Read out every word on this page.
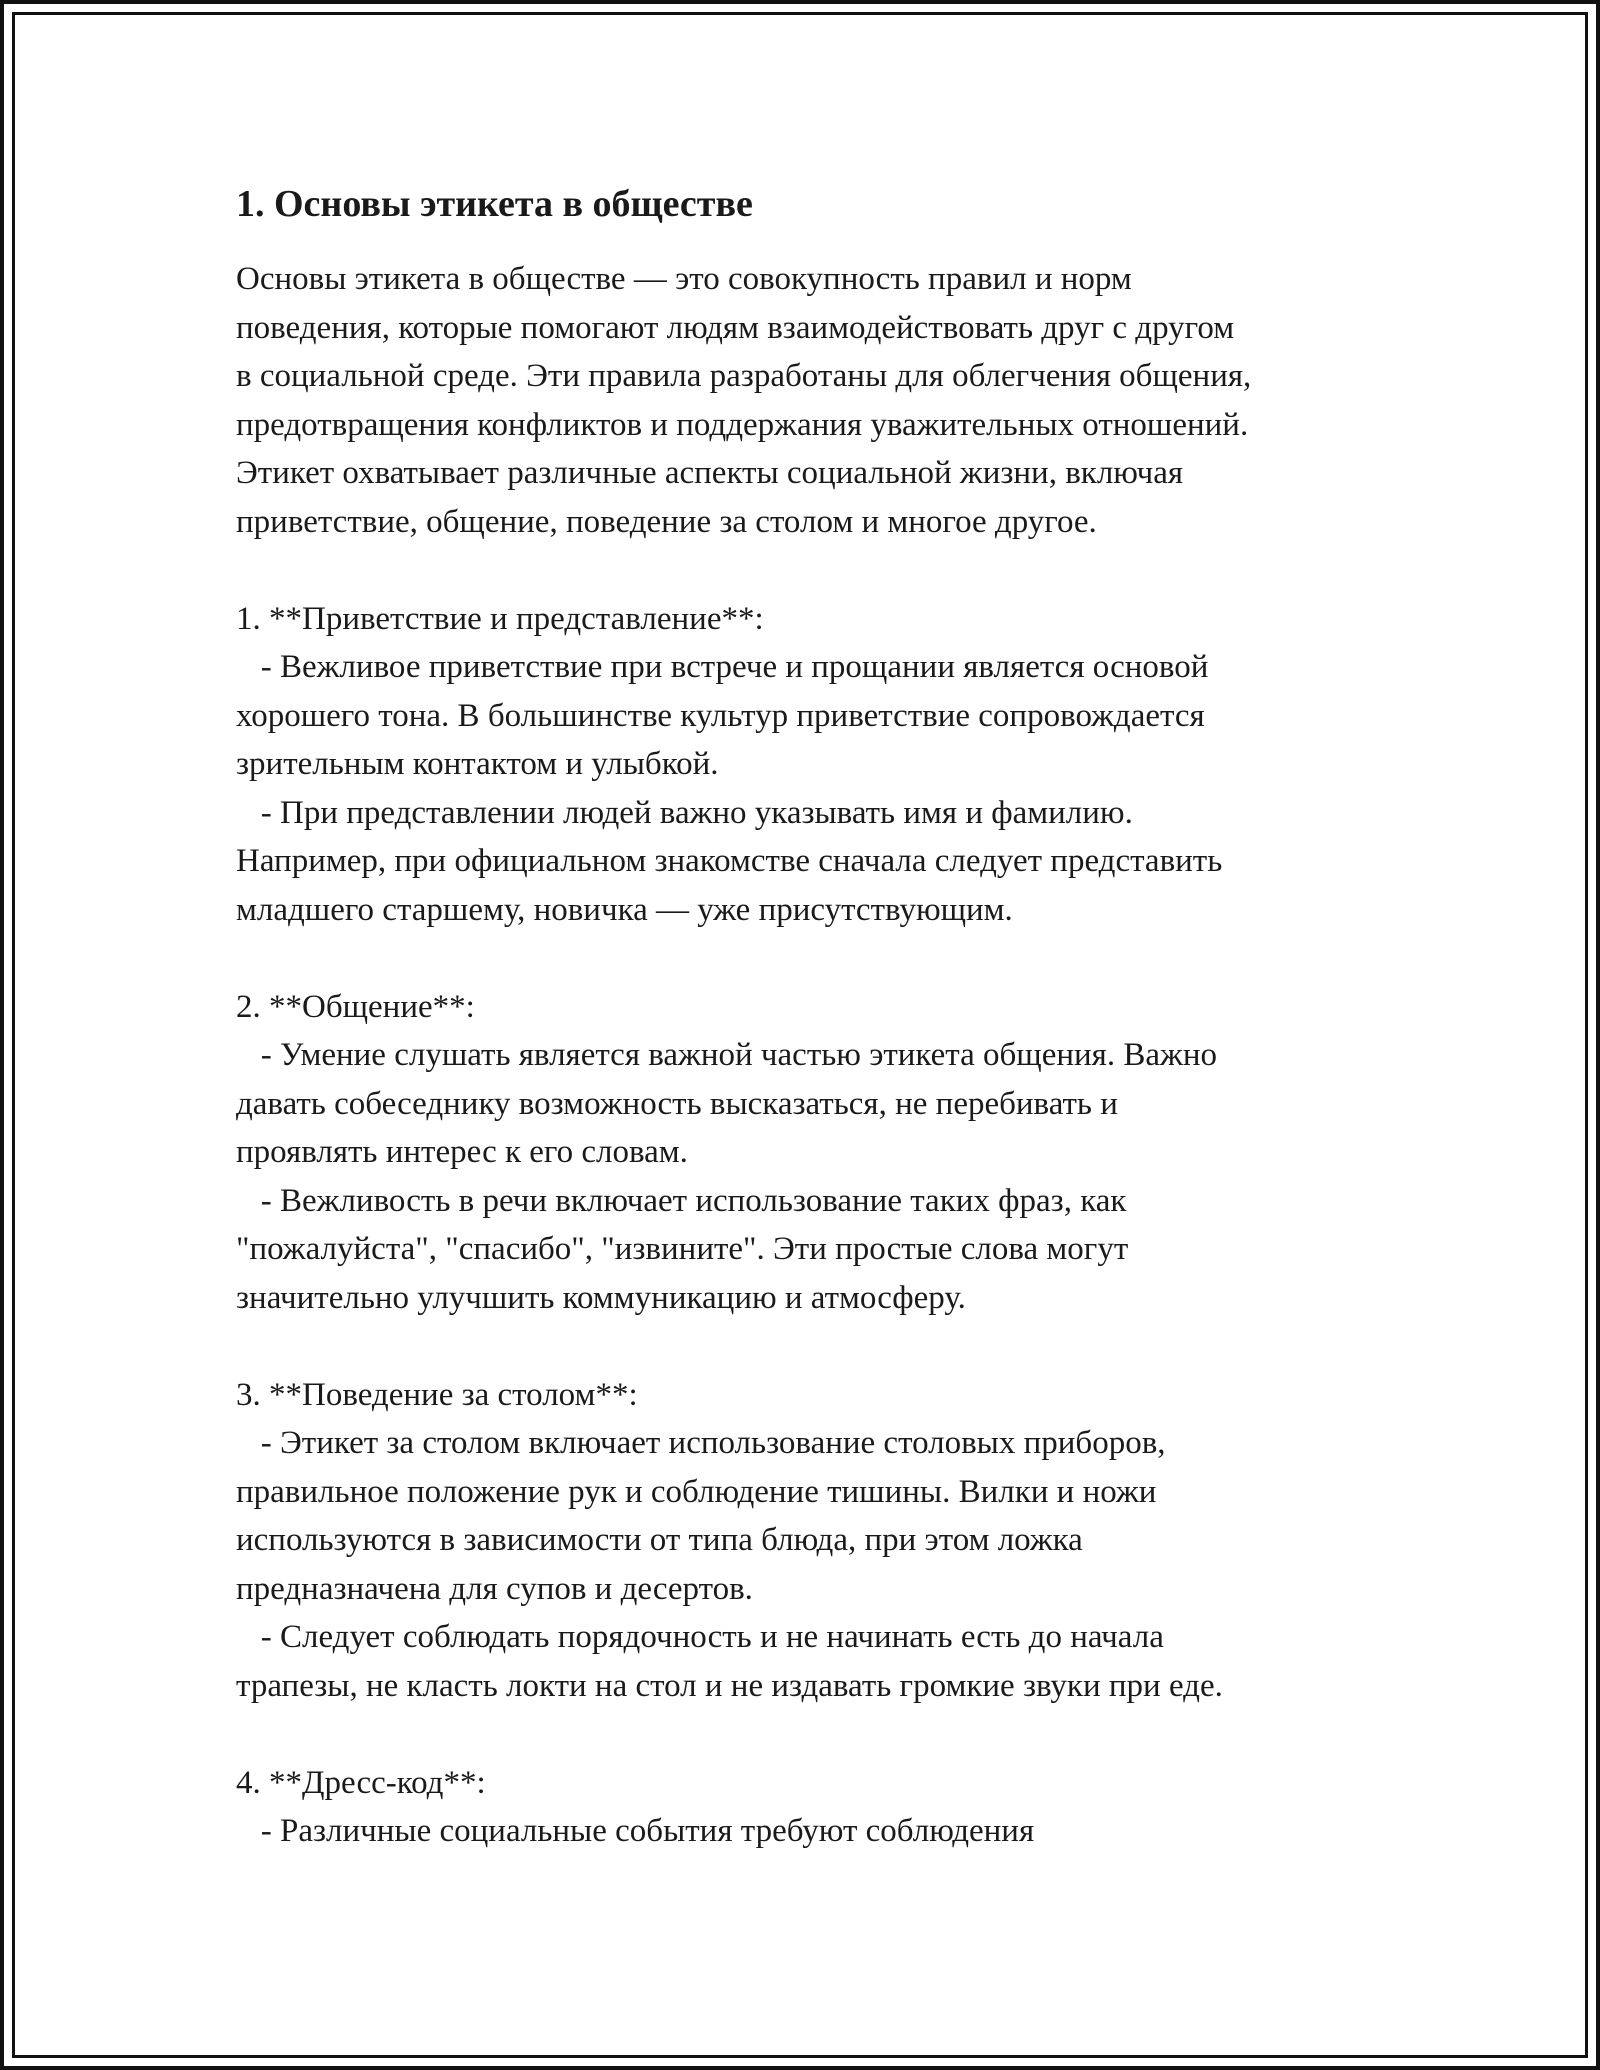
1. Основы этикета в обществе

Основы этикета в обществе — это совокупность правил и норм
поведения, которые помогают людям взаимодействовать друг с другом
в социальной среде. Эти правила разработаны для облегчения общения,
предотвращения конфликтов и поддержания уважительных отношений.
Этикет охватывает различные аспекты социальной жизни, включая
приветствие, общение, поведение за столом и многое другое.

1. **Приветствие и представление**:

- Вежливое приветствие при встрече и прощании является основой
хорошего тона. В большинстве культур приветствие сопровождается
зрительным контактом и улыбкой.
- При представлении людей важно указывать имя и фамилию.
Например, при официальном знакомстве сначала следует представить
младшего старшему, новичка — уже присутствующим.

2. **Общение**:

- Умение слушать является важной частью этикета общения. Важно
давать собеседнику возможность высказаться, не перебивать и
проявлять интерес к его словам.
- Вежливость в речи включает использование таких фраз, как
"пожалуйста", "спасибо", "извините". Эти простые слова могут
значительно улучшить коммуникацию и атмосферу.

3. **Поведение за столом**:

- Этикет за столом включает использование столовых приборов,
правильное положение рук и соблюдение тишины. Вилки и ножи
используются в зависимости от типа блюда, при этом ложка
предназначена для супов и десертов.
- Следует соблюдать порядочность и не начинать есть до начала
трапезы, не класть локти на стол и не издавать громкие звуки при еде.

4. **Дресс-код**:

- Различные социальные события требуют соблюдения
